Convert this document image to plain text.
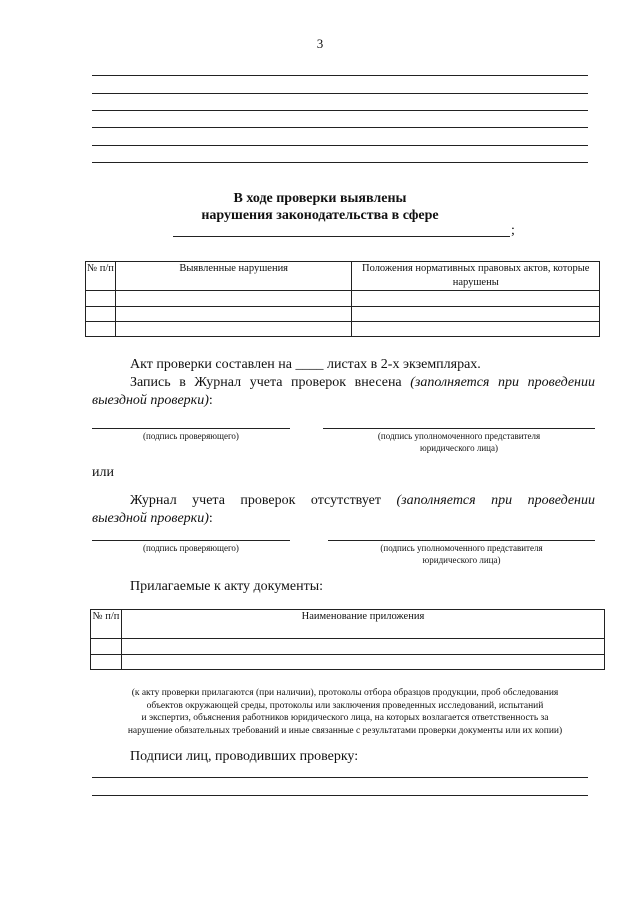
3
В ходе проверки выявлены
нарушения законодательства в сфере
;
№ п/п	Выявленные нарушения	Положения нормативных правовых актов, которые нарушены

Акт проверки составлен на ____ листах в 2-х экземплярах.
Запись в Журнал учета проверок внесена (заполняется при проведении
выездной проверки):
(подпись проверяющего)	(подпись уполномоченного представителя
юридического лица)
или
Журнал учета проверок отсутствует (заполняется при проведении
выездной проверки):
(подпись проверяющего)	(подпись уполномоченного представителя
юридического лица)
Прилагаемые к акту документы:
№ п/п	Наименование приложения

(к акту проверки прилагаются (при наличии), протоколы отбора образцов продукции, проб обследования
объектов окружающей среды, протоколы или заключения проведенных исследований, испытаний
и экспертиз, объяснения работников юридического лица, на которых возлагается ответственность за
нарушение обязательных требований и иные связанные с результатами проверки документы или их копии)
Подписи лиц, проводивших проверку:
